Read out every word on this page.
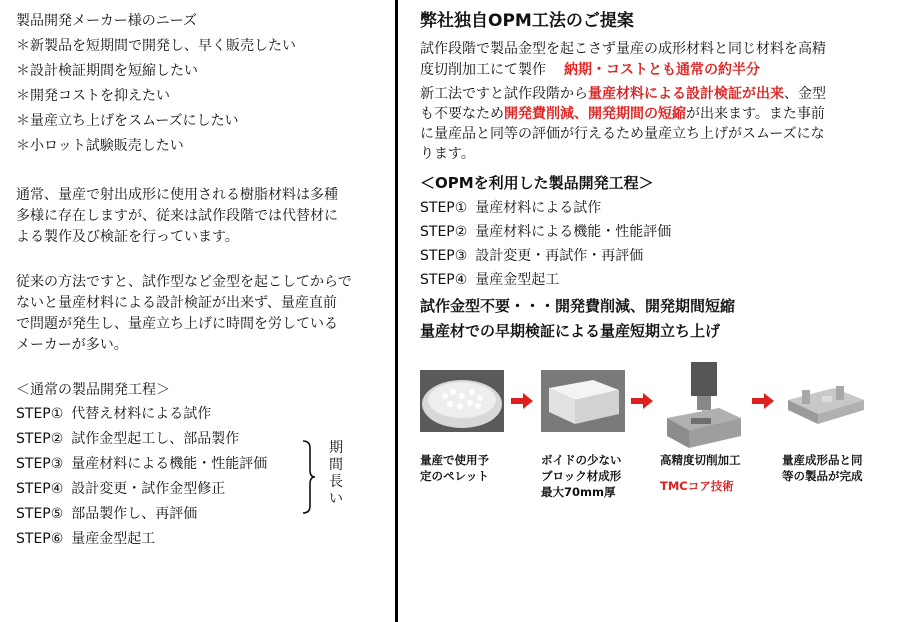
製品開発メーカー様のニーズ
＊新製品を短期間で開発し、早く販売したい
＊設計検証期間を短縮したい
＊開発コストを抑えたい
＊量産立ち上げをスムーズにしたい
＊小ロット試験販売したい
通常、量産で射出成形に使用される樹脂材料は多種
多様に存在しますが、従来は試作段階では代替材に
よる製作及び検証を行っています。
従来の方法ですと、試作型など金型を起こしてからで
ないと量産材料による設計検証が出来ず、量産直前
で問題が発生し、量産立ち上げに時間を労している
メーカーが多い。
＜通常の製品開発工程＞
STEP① 代替え材料による試作
STEP② 試作金型起工し、部品製作
STEP③ 量産材料による機能・性能評価
STEP④ 設計変更・試作金型修正
STEP⑤ 部品製作し、再評価
STEP⑥ 量産金型起工
期
間
長
い
弊社独自OPM工法のご提案
試作段階で製品金型を起こさず量産の成形材料と同じ材料を高精
度切削加工にて製作 納期・コストとも通常の約半分
新工法ですと試作段階から量産材料による設計検証が出来、金型
も不要なため開発費削減、開発期間の短縮が出来ます。また事前
に量産品と同等の評価が行えるため量産立ち上げがスムーズにな
ります。
＜OPMを利用した製品開発工程＞
STEP① 量産材料による試作
STEP② 量産材料による機能・性能評価
STEP③ 設計変更・再試作・再評価
STEP④ 量産金型起工
試作金型不要・・・開発費削減、開発期間短縮
量産材での早期検証による量産短期立ち上げ
量産で使用予
定のペレット
ボイドの少ない
ブロック材成形
最大70mm厚
高精度切削加工
TMCコア技術
量産成形品と同
等の製品が完成
